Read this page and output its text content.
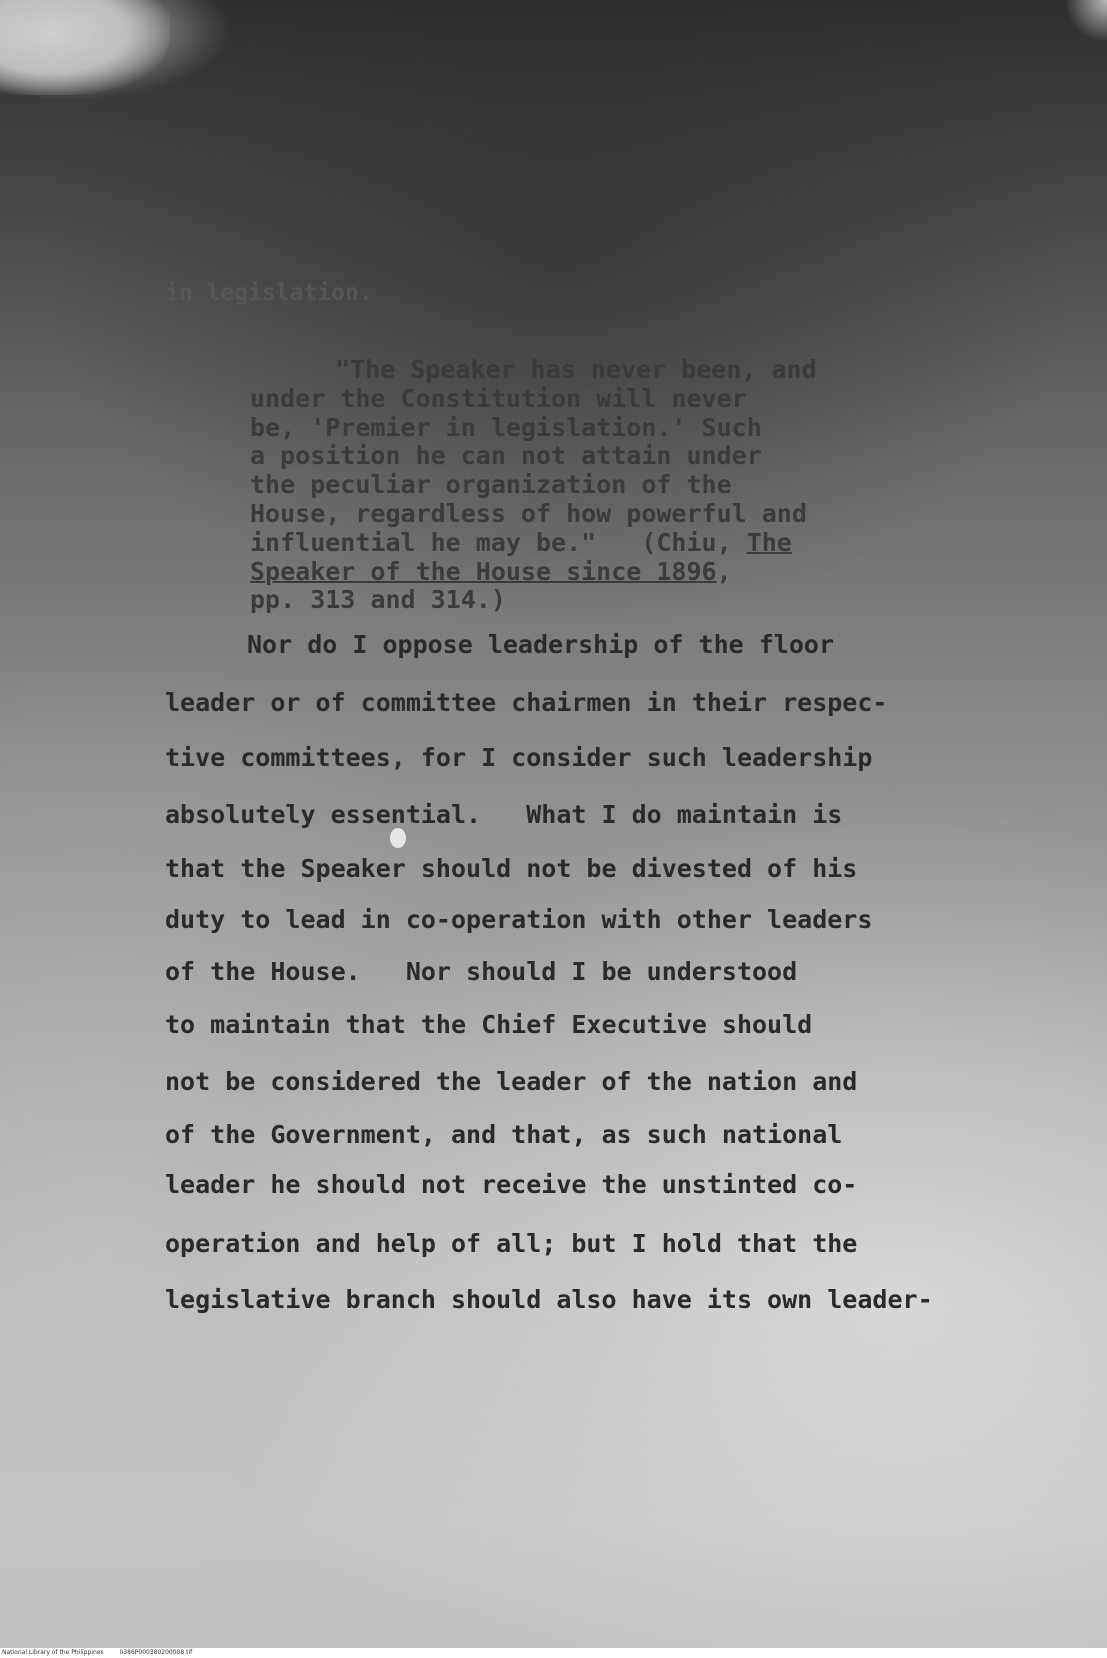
- 12 -
in legislation.
"The Speaker has never been, and
under the Constitution will never
be, 'Premier in legislation.' Such
a position he can not attain under
the peculiar organization of the
House, regardless of how powerful and
influential he may be."   (Chiu, The
Speaker of the House since 1896,
pp. 313 and 314.)
Nor do I oppose leadership of the floor
leader or of committee chairmen in their respec-
tive committees, for I consider such leadership
absolutely essential.   What I do maintain is
that the Speaker should not be divested of his
duty to lead in co-operation with other leaders
of the House.   Nor should I be understood
to maintain that the Chief Executive should
not be considered the leader of the nation and
of the Government, and that, as such national
leader he should not receive the unstinted co-
operation and help of all; but I hold that the
legislative branch should also have its own leader-
National Library of the Philippines	0386P000380200008.tif
